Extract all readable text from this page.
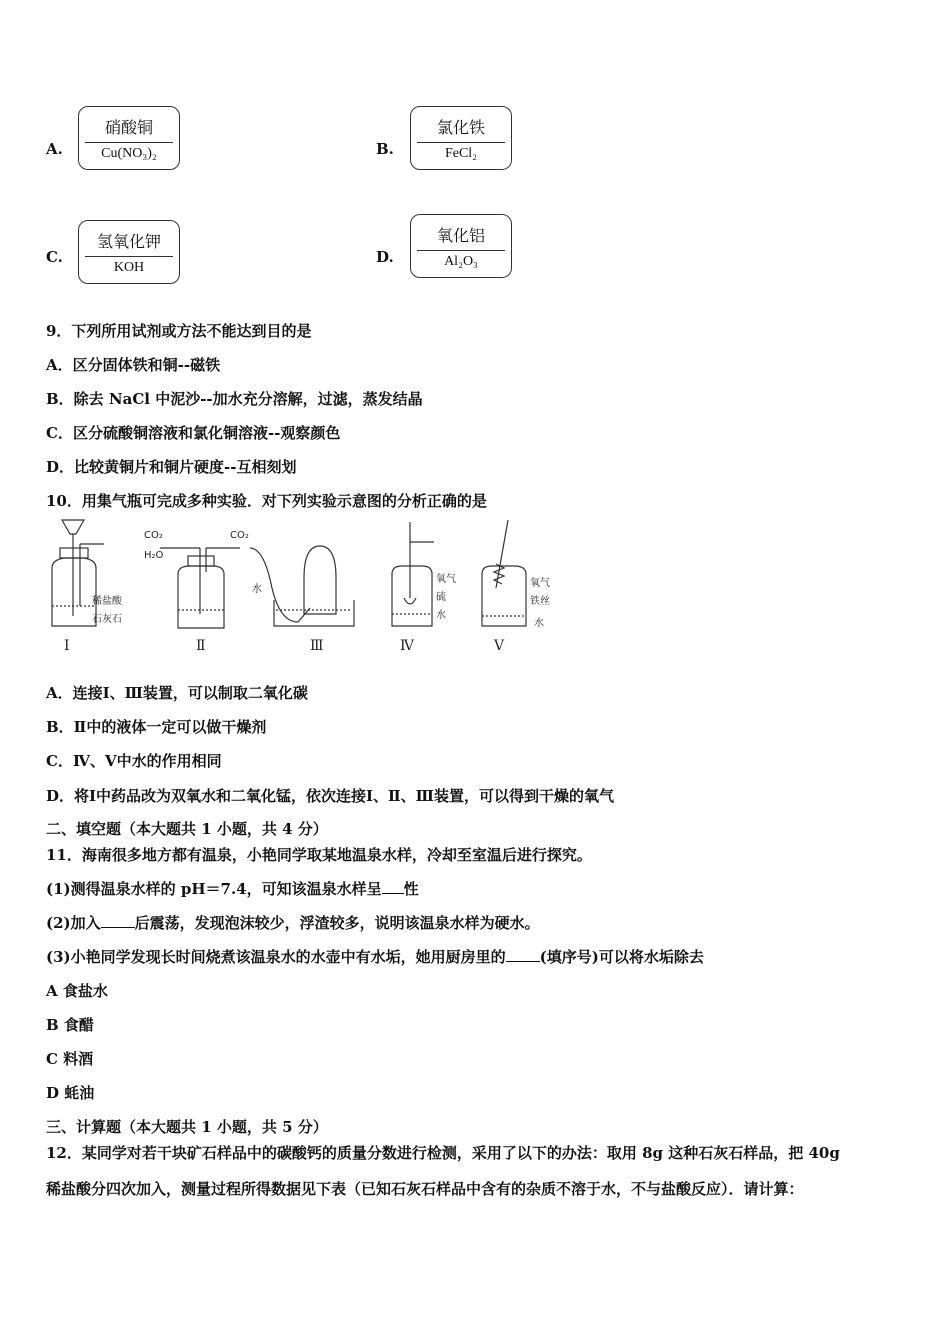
A.
硝酸铜
Cu(NO₃)₂	B.
氯化铁
FeCl₂
C.
氢氧化钾
KOH
D.
氧化铝
Al₂O₃
9．下列所用试剂或方法不能达到目的是
A．区分固体铁和铜--磁铁
B．除去 NaCl 中泥沙--加水充分溶解，过滤，蒸发结晶
C．区分硫酸铜溶液和氯化铜溶液--观察颜色
D．比较黄铜片和铜片硬度--互相刻划
10．用集气瓶可完成多种实验．对下列实验示意图的分析正确的是
稀盐酸
石灰石
CO₂
H₂O
CO₂
水
氧气
硫
水
氧气
铁丝
水
Ⅰ	Ⅱ	Ⅲ	Ⅳ	Ⅴ
A．连接Ⅰ、Ⅲ装置，可以制取二氧化碳
B．Ⅱ中的液体一定可以做干燥剂
C．Ⅳ、Ⅴ中水的作用相同
D．将Ⅰ中药品改为双氧水和二氧化锰，依次连接Ⅰ、Ⅱ、Ⅲ装置，可以得到干燥的氧气
二、填空题（本大题共 1 小题，共 4 分）
11．海南很多地方都有温泉，小艳同学取某地温泉水样，冷却至室温后进行探究。
(1)测得温泉水样的 pH＝7.4，可知该温泉水样呈 性
(2)加入 后震荡，发现泡沫较少，浮渣较多，说明该温泉水样为硬水。
(3)小艳同学发现长时间烧煮该温泉水的水壶中有水垢，她用厨房里的 (填序号)可以将水垢除去
A 食盐水
B 食醋
C 料酒
D 蚝油
三、计算题（本大题共 1 小题，共 5 分）
12．某同学对若干块矿石样品中的碳酸钙的质量分数进行检测，采用了以下的办法：取用 8g 这种石灰石样品，把 40g
稀盐酸分四次加入，测量过程所得数据见下表（已知石灰石样品中含有的杂质不溶于水，不与盐酸反应）．请计算：
